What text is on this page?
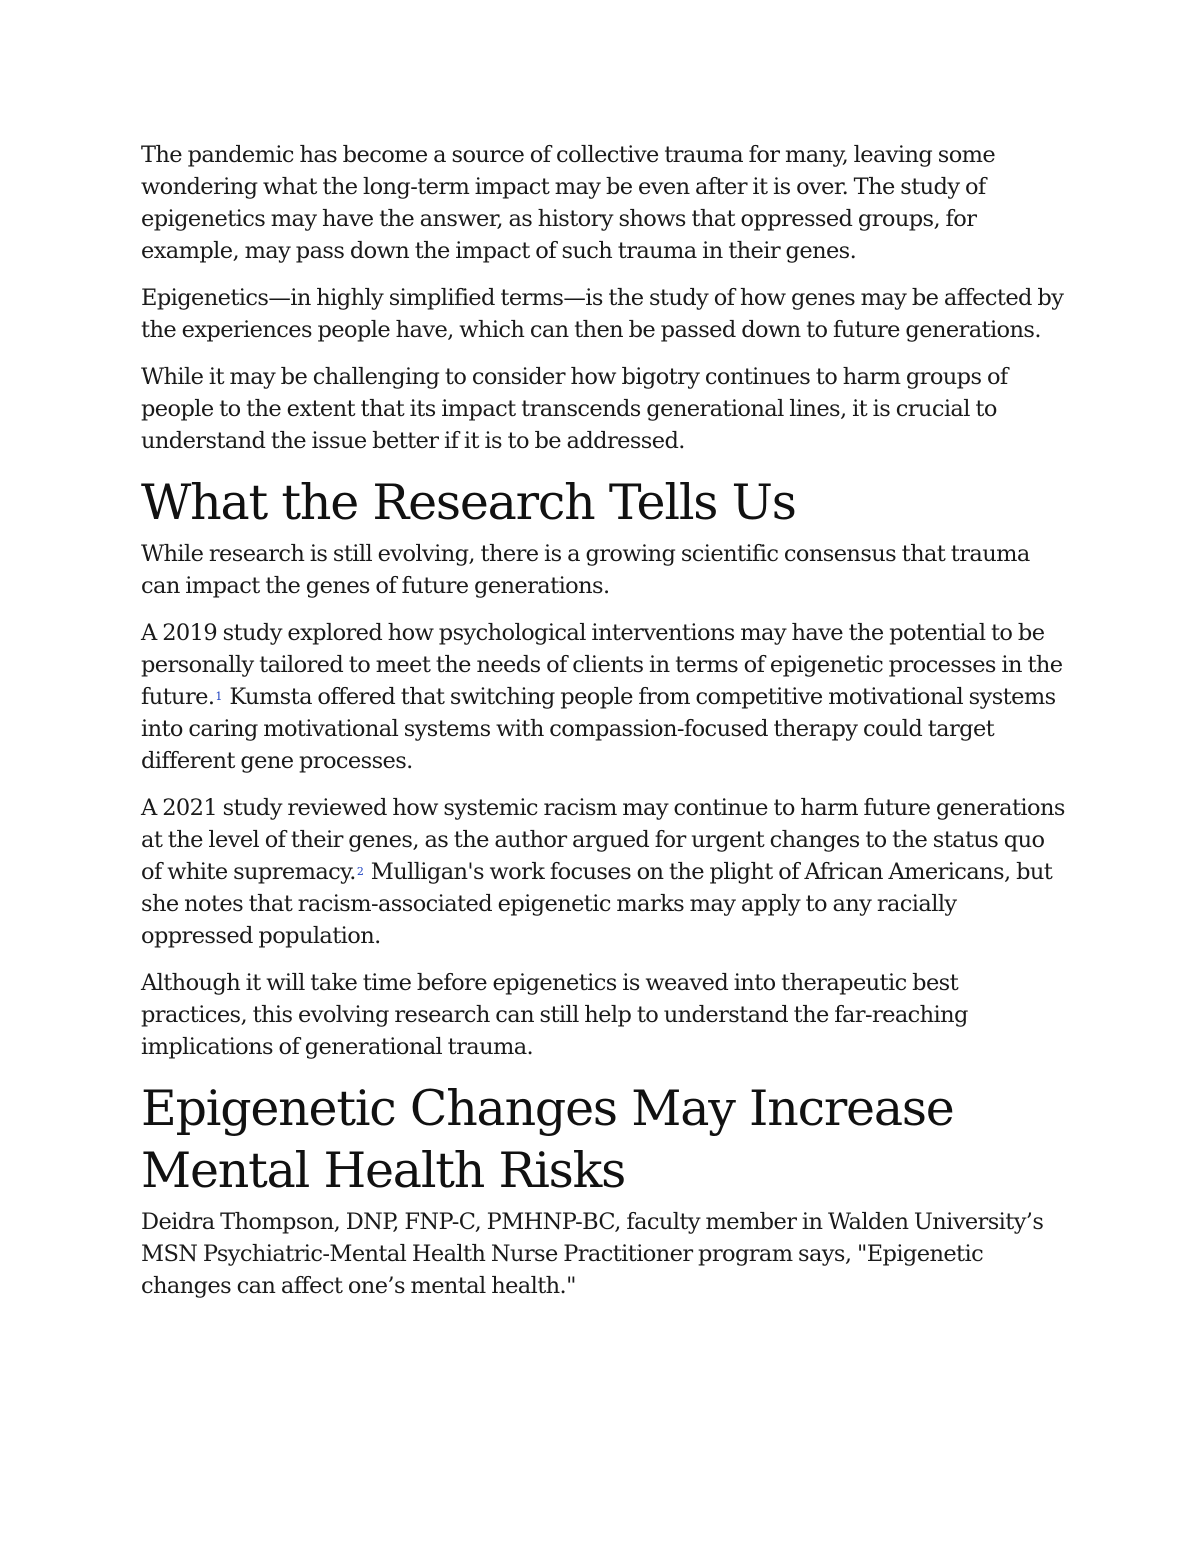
The pandemic has become a source of collective trauma for many, leaving some wondering what the long-term impact may be even after it is over. The study of epigenetics may have the answer, as history shows that oppressed groups, for example, may pass down the impact of such trauma in their genes.

Epigenetics—in highly simplified terms—is the study of how genes may be affected by the experiences people have, which can then be passed down to future generations.

While it may be challenging to consider how bigotry continues to harm groups of people to the extent that its impact transcends generational lines, it is crucial to understand the issue better if it is to be addressed.

What the Research Tells Us

While research is still evolving, there is a growing scientific consensus that trauma can impact the genes of future generations.

A 2019 study explored how psychological interventions may have the potential to be personally tailored to meet the needs of clients in terms of epigenetic processes in the future.$^1$ Kumsta offered that switching people from competitive motivational systems into caring motivational systems with compassion-focused therapy could target different gene processes.

A 2021 study reviewed how systemic racism may continue to harm future generations at the level of their genes, as the author argued for urgent changes to the status quo of white supremacy.$^2$ Mulligan's work focuses on the plight of African Americans, but she notes that racism-associated epigenetic marks may apply to any racially oppressed population.

Although it will take time before epigenetics is weaved into therapeutic best practices, this evolving research can still help to understand the far-reaching implications of generational trauma.

Epigenetic Changes May Increase Mental Health Risks

Deidra Thompson, DNP, FNP-C, PMHNP-BC, faculty member in Walden University’s MSN Psychiatric-Mental Health Nurse Practitioner program says, "Epigenetic changes can affect one’s mental health."
